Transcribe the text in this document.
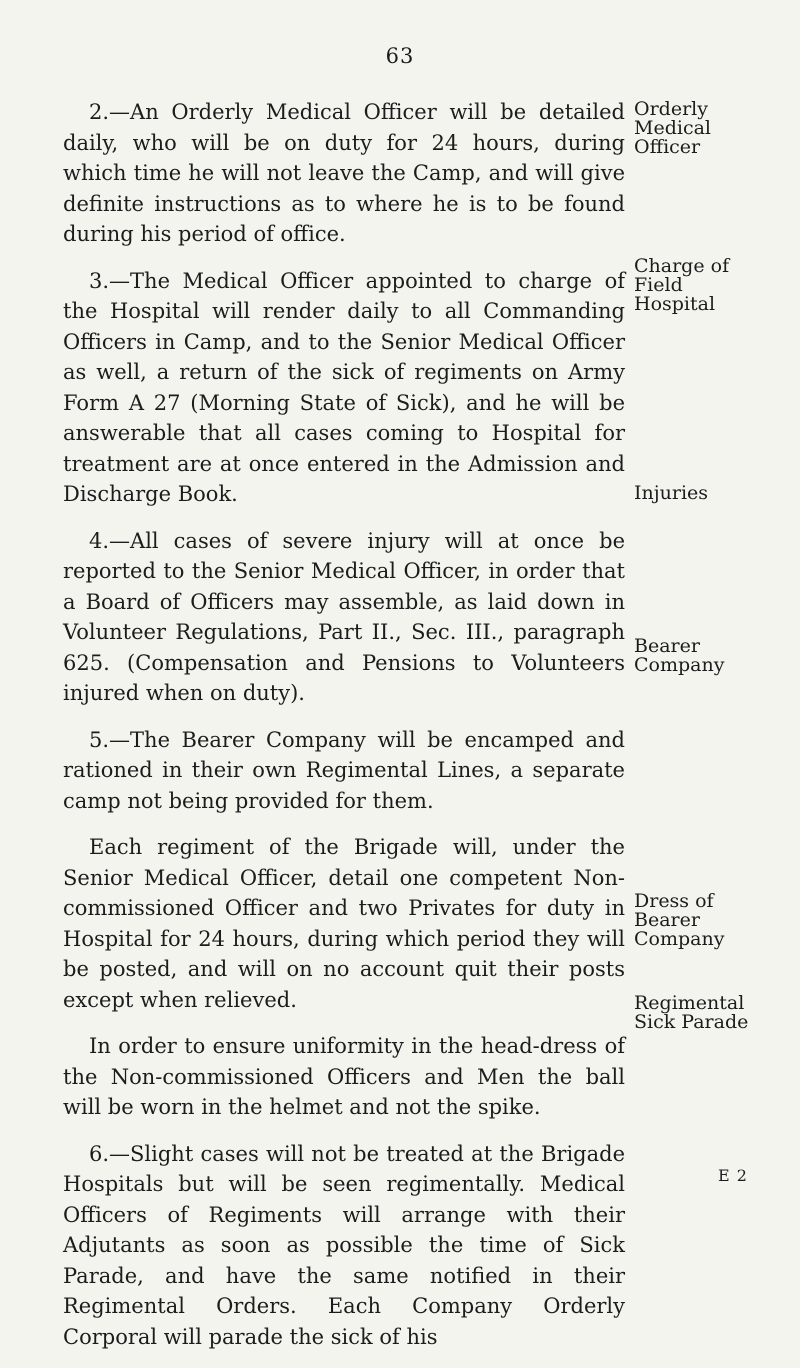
63

2.—An Orderly Medical Officer will be detailed daily, who will be on duty for 24 hours, during which time he will not leave the Camp, and will give definite instructions as to where he is to be found during his period of office.

3.—The Medical Officer appointed to charge of the Hospital will render daily to all Commanding Officers in Camp, and to the Senior Medical Officer as well, a return of the sick of regiments on Army Form A 27 (Morning State of Sick), and he will be answerable that all cases coming to Hospital for treatment are at once entered in the Admission and Discharge Book.

4.—All cases of severe injury will at once be reported to the Senior Medical Officer, in order that a Board of Officers may assemble, as laid down in Volunteer Regulations, Part II., Sec. III., paragraph 625. (Compensation and Pensions to Volunteers injured when on duty).

5.—The Bearer Company will be encamped and rationed in their own Regimental Lines, a separate camp not being provided for them.

Each regiment of the Brigade will, under the Senior Medical Officer, detail one competent Non-commissioned Officer and two Privates for duty in Hospital for 24 hours, during which period they will be posted, and will on no account quit their posts except when relieved.

In order to ensure uniformity in the head-dress of the Non-commissioned Officers and Men the ball will be worn in the helmet and not the spike.

6.—Slight cases will not be treated at the Brigade Hospitals but will be seen regimentally. Medical Officers of Regiments will arrange with their Adjutants as soon as possible the time of Sick Parade, and have the same notified in their Regimental Orders. Each Company Orderly Corporal will parade the sick of his

Orderly
Medical
Officer
Charge of
Field
Hospital
Injuries
Bearer
Company
Dress of
Bearer
Company
Regimental
Sick Parade
E 2
